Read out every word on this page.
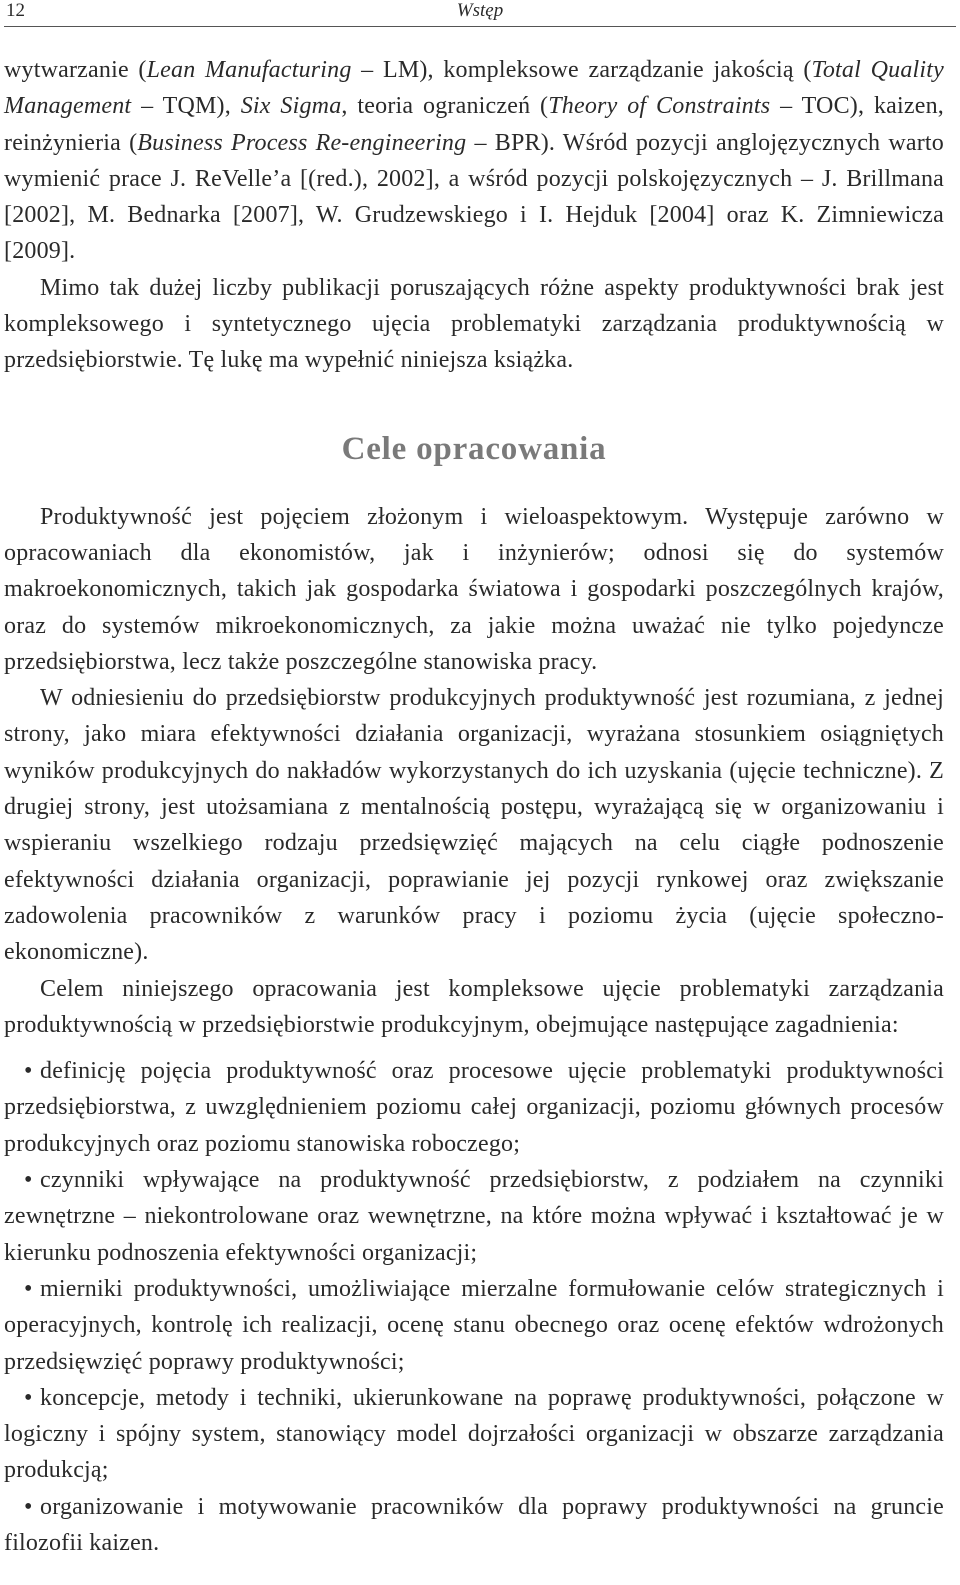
12	Wstęp

wytwarzanie (Lean Manufacturing – LM), kompleksowe zarządzanie jakością (Total Quality Management – TQM), Six Sigma, teoria ograniczeń (Theory of Constraints – TOC), kaizen, reinżynieria (Business Process Re-engineering – BPR). Wśród pozycji anglojęzycznych warto wymienić prace J. ReVelle’a [(red.), 2002], a wśród pozycji polskojęzycznych – J. Brillmana [2002], M. Bednarka [2007], W. Grudzewskiego i I. Hejduk [2004] oraz K. Zimniewicza [2009].

Mimo tak dużej liczby publikacji poruszających różne aspekty produktywności brak jest kompleksowego i syntetycznego ujęcia problematyki zarządzania produktywnością w przedsiębiorstwie. Tę lukę ma wypełnić niniejsza książka.

Cele opracowania

Produktywność jest pojęciem złożonym i wieloaspektowym. Występuje zarówno w opracowaniach dla ekonomistów, jak i inżynierów; odnosi się do systemów makroekonomicznych, takich jak gospodarka światowa i gospodarki poszczególnych krajów, oraz do systemów mikroekonomicznych, za jakie można uważać nie tylko pojedyncze przedsiębiorstwa, lecz także poszczególne stanowiska pracy.

W odniesieniu do przedsiębiorstw produkcyjnych produktywność jest rozumiana, z jednej strony, jako miara efektywności działania organizacji, wyrażana stosunkiem osiągniętych wyników produkcyjnych do nakładów wykorzystanych do ich uzyskania (ujęcie techniczne). Z drugiej strony, jest utożsamiana z mentalnością postępu, wyrażającą się w organizowaniu i wspieraniu wszelkiego rodzaju przedsięwzięć mających na celu ciągłe podnoszenie efektywności działania organizacji, poprawianie jej pozycji rynkowej oraz zwiększanie zadowolenia pracowników z warunków pracy i poziomu życia (ujęcie społeczno-ekonomiczne).

Celem niniejszego opracowania jest kompleksowe ujęcie problematyki zarządzania produktywnością w przedsiębiorstwie produkcyjnym, obejmujące następujące zagadnienia:

• definicję pojęcia produktywność oraz procesowe ujęcie problematyki produktywności przedsiębiorstwa, z uwzględnieniem poziomu całej organizacji, poziomu głównych procesów produkcyjnych oraz poziomu stanowiska roboczego;
• czynniki wpływające na produktywność przedsiębiorstw, z podziałem na czynniki zewnętrzne – niekontrolowane oraz wewnętrzne, na które można wpływać i kształtować je w kierunku podnoszenia efektywności organizacji;
• mierniki produktywności, umożliwiające mierzalne formułowanie celów strategicznych i operacyjnych, kontrolę ich realizacji, ocenę stanu obecnego oraz ocenę efektów wdrożonych przedsięwzięć poprawy produktywności;
• koncepcje, metody i techniki, ukierunkowane na poprawę produktywności, połączone w logiczny i spójny system, stanowiący model dojrzałości organizacji w obszarze zarządzania produkcją;
• organizowanie i motywowanie pracowników dla poprawy produktywności na gruncie filozofii kaizen.
